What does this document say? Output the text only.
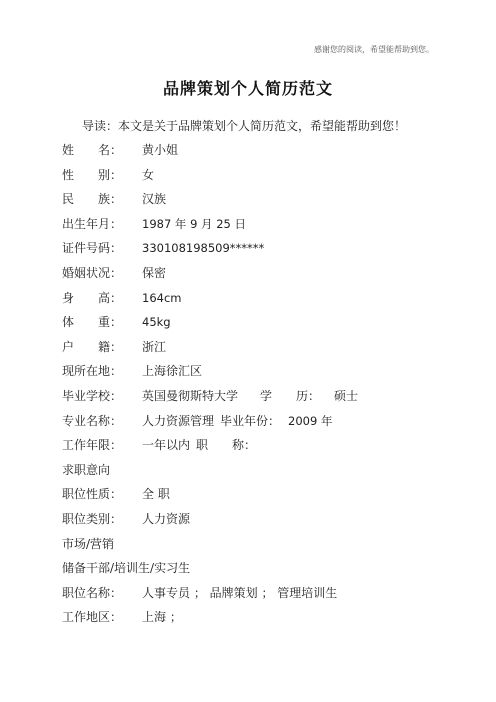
感谢您的阅读，希望能帮助到您。
品牌策划个人简历范文
导读：本文是关于品牌策划个人简历范文，希望能帮助到您！
姓　　名：	黄小姐
性　　别：	女
民　　族：	汉族
出生年月：	1987 年 9 月 25 日
证件号码：	330108198509******
婚姻状况：	保密
身　　高：	164cm
体　　重：	45kg
户　　籍：	浙江
现所在地：	上海徐汇区
毕业学校：	英国曼彻斯特大学 学　　历： 硕士
专业名称：	人力资源管理 毕业年份： 2009 年
工作年限：	一年以内 职　　称：
求职意向
职位性质：	全 职
职位类别：	人力资源
市场/营销
储备干部/培训生/实习生
职位名称：	人事专员 ； 品牌策划 ； 管理培训生
工作地区：	上海 ；
